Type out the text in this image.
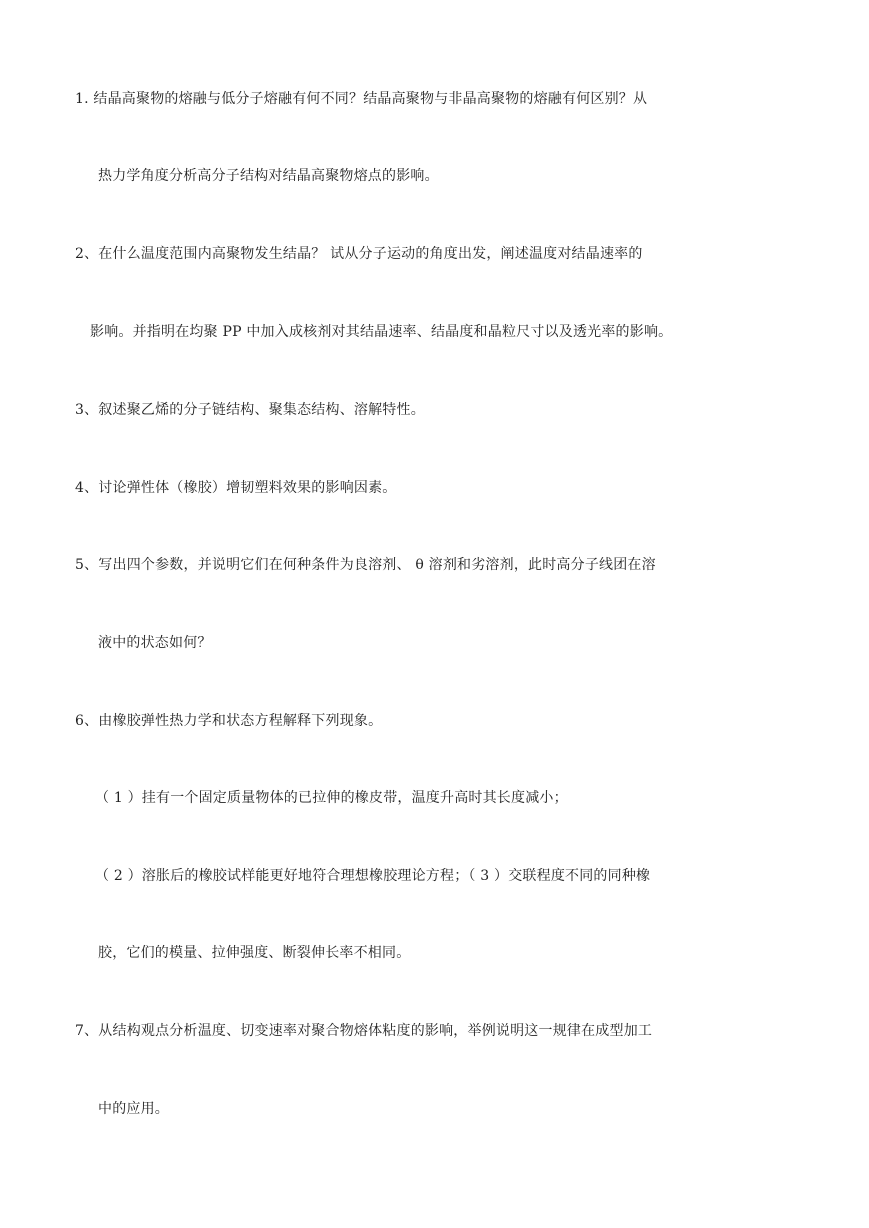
1. 结晶高聚物的熔融与低分子熔融有何不同？结晶高聚物与非晶高聚物的熔融有何区别？从
热力学角度分析高分子结构对结晶高聚物熔点的影响。
2、在什么温度范围内高聚物发生结晶？ 试从分子运动的角度出发，阐述温度对结晶速率的
影响。并指明在均聚 PP 中加入成核剂对其结晶速率、结晶度和晶粒尺寸以及透光率的影响。
3、叙述聚乙烯的分子链结构、聚集态结构、溶解特性。
4、讨论弹性体（橡胶）增韧塑料效果的影响因素。
5、写出四个参数，并说明它们在何种条件为良溶剂、 θ 溶剂和劣溶剂，此时高分子线团在溶
液中的状态如何？
6、由橡胶弹性热力学和状态方程解释下列现象。
（ 1 ）挂有一个固定质量物体的已拉伸的橡皮带，温度升高时其长度减小；
（ 2 ）溶胀后的橡胶试样能更好地符合理想橡胶理论方程；（ 3 ）交联程度不同的同种橡
胶，它们的模量、拉伸强度、断裂伸长率不相同。
7、从结构观点分析温度、切变速率对聚合物熔体粘度的影响，举例说明这一规律在成型加工
中的应用。
